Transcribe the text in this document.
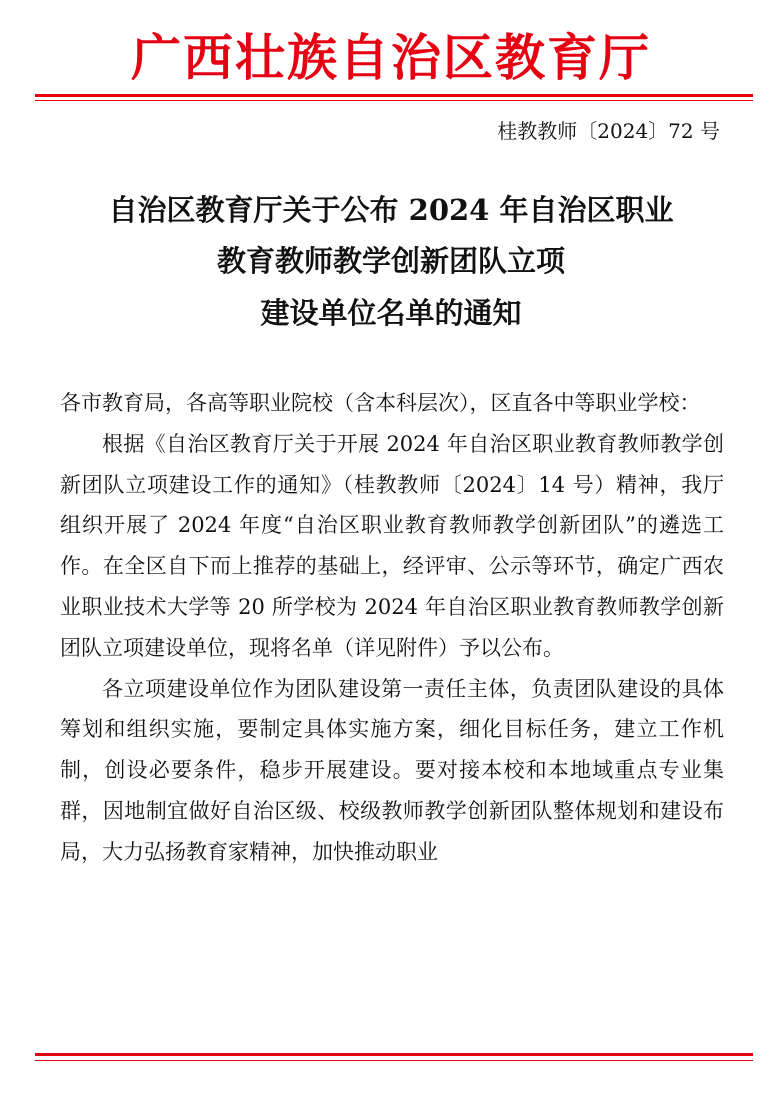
广西壮族自治区教育厅
桂教教师〔2024〕72 号
自治区教育厅关于公布 2024 年自治区职业
教育教师教学创新团队立项
建设单位名单的通知

各市教育局，各高等职业院校（含本科层次），区直各中等职业学校：

根据《自治区教育厅关于开展 2024 年自治区职业教育教师教学创新团队立项建设工作的通知》（桂教教师〔2024〕14 号）精神，我厅组织开展了 2024 年度“自治区职业教育教师教学创新团队”的遴选工作。在全区自下而上推荐的基础上，经评审、公示等环节，确定广西农业职业技术大学等 20 所学校为 2024 年自治区职业教育教师教学创新团队立项建设单位，现将名单（详见附件）予以公布。

各立项建设单位作为团队建设第一责任主体，负责团队建设的具体筹划和组织实施，要制定具体实施方案，细化目标任务，建立工作机制，创设必要条件，稳步开展建设。要对接本校和本地域重点专业集群，因地制宜做好自治区级、校级教师教学创新团队整体规划和建设布局，大力弘扬教育家精神，加快推动职业
